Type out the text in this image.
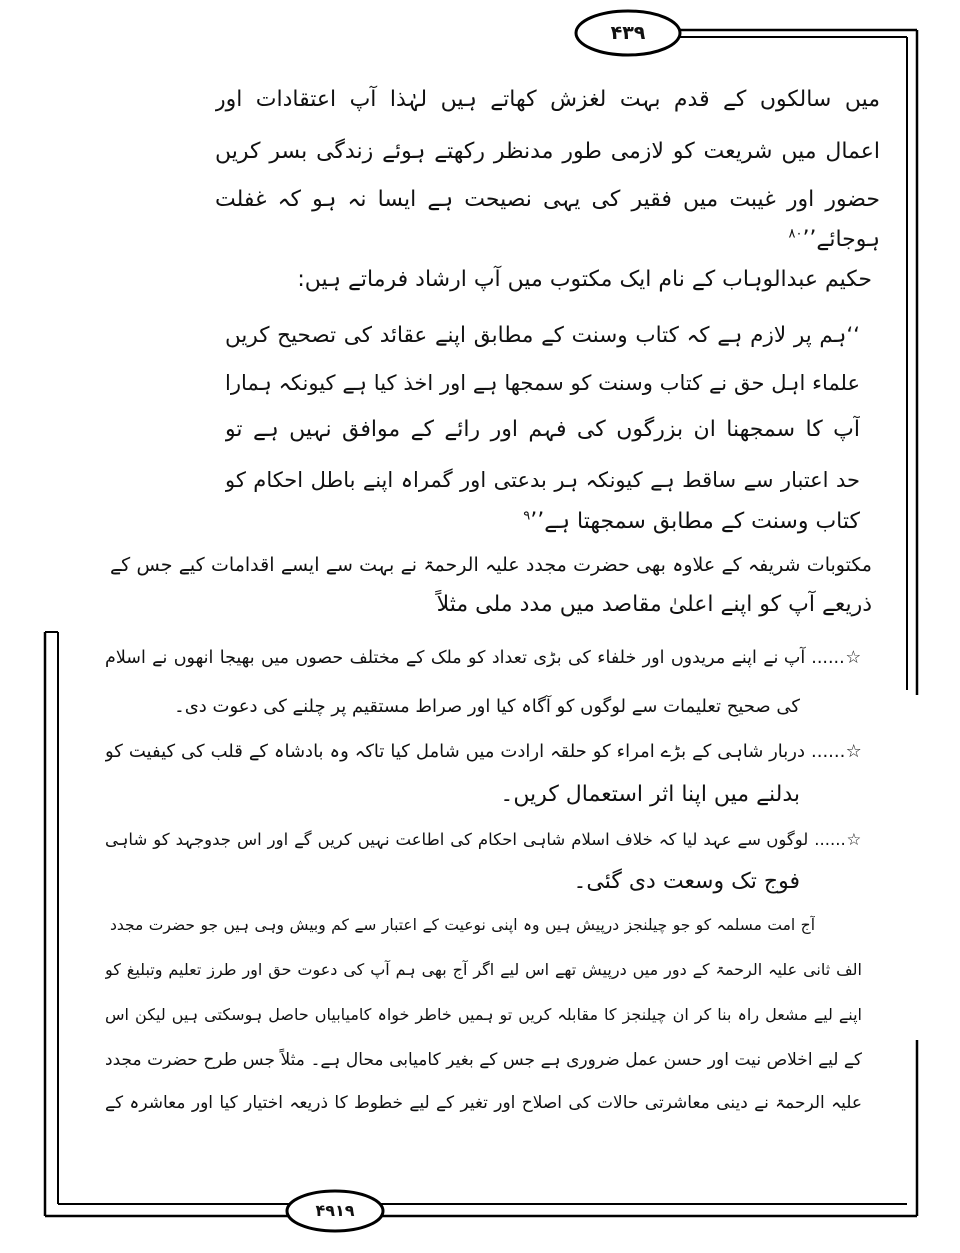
۴۳۹
۴۹۱۹
میں سالکوں کے قدم بہت لغزش کھاتے ہیں لہٰذا آپ اعتقادات اور
اعمال میں شریعت کو لازمی طور مدنظر رکھتے ہوئے زندگی بسر کریں
حضور اور غیبت میں فقیر کی یہی نصیحت ہے ایسا نہ ہو کہ غفلت
ہوجائے’’$^{۸۰}$
حکیم عبدالوہاب کے نام ایک مکتوب میں آپ ارشاد فرماتے ہیں:
‘‘ہم پر لازم ہے کہ کتاب وسنت کے مطابق اپنے عقائد کی تصحیح کریں
علماء اہل حق نے کتاب وسنت کو سمجھا ہے اور اخذ کیا ہے کیونکہ ہمارا
آپ کا سمجھنا ان بزرگوں کی فہم اور رائے کے موافق نہیں ہے تو
حد اعتبار سے ساقط ہے کیونکہ ہر بدعتی اور گمراہ اپنے باطل احکام کو
کتاب وسنت کے مطابق سمجھتا ہے’’$^۹$
مکتوبات شریفہ کے علاوہ بھی حضرت مجدد علیہ الرحمۃ نے بہت سے ایسے اقدامات کیے جس کے
ذریعے آپ کو اپنے اعلیٰ مقاصد میں مدد ملی مثلاً
☆......آپ نے اپنے مریدوں اور خلفاء کی بڑی تعداد کو ملک کے مختلف حصوں میں بھیجا انھوں نے اسلام
کی صحیح تعلیمات سے لوگوں کو آگاہ کیا اور صراط مستقیم پر چلنے کی دعوت دی۔
☆......دربار شاہی کے بڑے امراء کو حلقہ ارادت میں شامل کیا تاکہ وہ بادشاہ کے قلب کی کیفیت کو
بدلنے میں اپنا اثر استعمال کریں۔
☆......لوگوں سے عہد لیا کہ خلاف اسلام شاہی احکام کی اطاعت نہیں کریں گے اور اس جدوجہد کو شاہی
فوج تک وسعت دی گئی۔
آج امت مسلمہ کو جو چیلنجز درپیش ہیں وہ اپنی نوعیت کے اعتبار سے کم وبیش وہی ہیں جو حضرت مجدد
الف ثانی علیہ الرحمۃ کے دور میں درپیش تھے اس لیے اگر آج بھی ہم آپ کی دعوت حق اور طرز تعلیم وتبلیغ کو
اپنے لیے مشعل راہ بنا کر ان چیلنجز کا مقابلہ کریں تو ہمیں خاطر خواہ کامیابیاں حاصل ہوسکتی ہیں لیکن اس
کے لیے اخلاص نیت اور حسن عمل ضروری ہے جس کے بغیر کامیابی محال ہے۔ مثلاً جس طرح حضرت مجدد
علیہ الرحمۃ نے دینی معاشرتی حالات کی اصلاح اور تغیر کے لیے خطوط کا ذریعہ اختیار کیا اور معاشرہ کے
